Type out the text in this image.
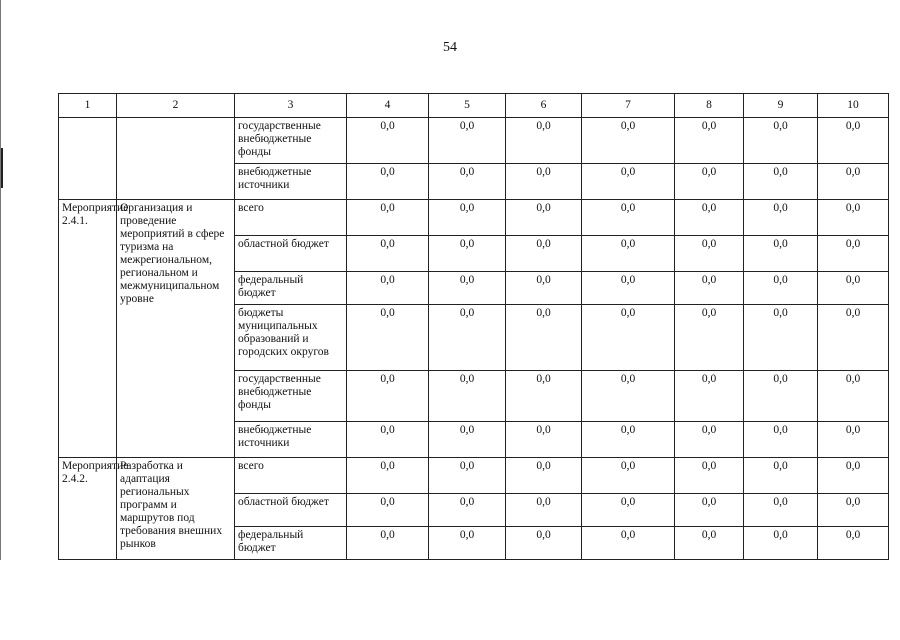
54
1	2	3	4	5	6	7	8	9	10
		государственные внебюджетные фонды	0,0	0,0	0,0	0,0	0,0	0,0	0,0
		внебюджетные источники	0,0	0,0	0,0	0,0	0,0	0,0	0,0
Мероприятие 2.4.1.	Организация и проведение мероприятий в сфере туризма на межрегиональном, региональном и межмуниципальном уровне	всего	0,0	0,0	0,0	0,0	0,0	0,0	0,0
		областной бюджет	0,0	0,0	0,0	0,0	0,0	0,0	0,0
		федеральный бюджет	0,0	0,0	0,0	0,0	0,0	0,0	0,0
		бюджеты муниципальных образований и городских округов	0,0	0,0	0,0	0,0	0,0	0,0	0,0
		государственные внебюджетные фонды	0,0	0,0	0,0	0,0	0,0	0,0	0,0
		внебюджетные источники	0,0	0,0	0,0	0,0	0,0	0,0	0,0
Мероприятие 2.4.2.	Разработка и адаптация региональных программ и маршрутов под требования внешних рынков	всего	0,0	0,0	0,0	0,0	0,0	0,0	0,0
		областной бюджет	0,0	0,0	0,0	0,0	0,0	0,0	0,0
		федеральный бюджет	0,0	0,0	0,0	0,0	0,0	0,0	0,0
